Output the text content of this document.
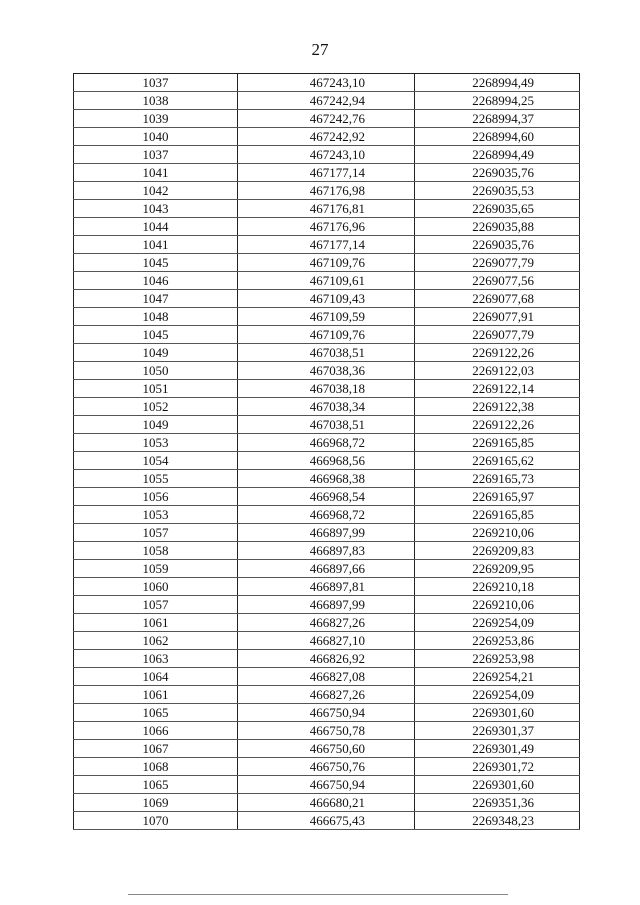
27
1037	467243,10	2268994,49
1038	467242,94	2268994,25
1039	467242,76	2268994,37
1040	467242,92	2268994,60
1037	467243,10	2268994,49
1041	467177,14	2269035,76
1042	467176,98	2269035,53
1043	467176,81	2269035,65
1044	467176,96	2269035,88
1041	467177,14	2269035,76
1045	467109,76	2269077,79
1046	467109,61	2269077,56
1047	467109,43	2269077,68
1048	467109,59	2269077,91
1045	467109,76	2269077,79
1049	467038,51	2269122,26
1050	467038,36	2269122,03
1051	467038,18	2269122,14
1052	467038,34	2269122,38
1049	467038,51	2269122,26
1053	466968,72	2269165,85
1054	466968,56	2269165,62
1055	466968,38	2269165,73
1056	466968,54	2269165,97
1053	466968,72	2269165,85
1057	466897,99	2269210,06
1058	466897,83	2269209,83
1059	466897,66	2269209,95
1060	466897,81	2269210,18
1057	466897,99	2269210,06
1061	466827,26	2269254,09
1062	466827,10	2269253,86
1063	466826,92	2269253,98
1064	466827,08	2269254,21
1061	466827,26	2269254,09
1065	466750,94	2269301,60
1066	466750,78	2269301,37
1067	466750,60	2269301,49
1068	466750,76	2269301,72
1065	466750,94	2269301,60
1069	466680,21	2269351,36
1070	466675,43	2269348,23
